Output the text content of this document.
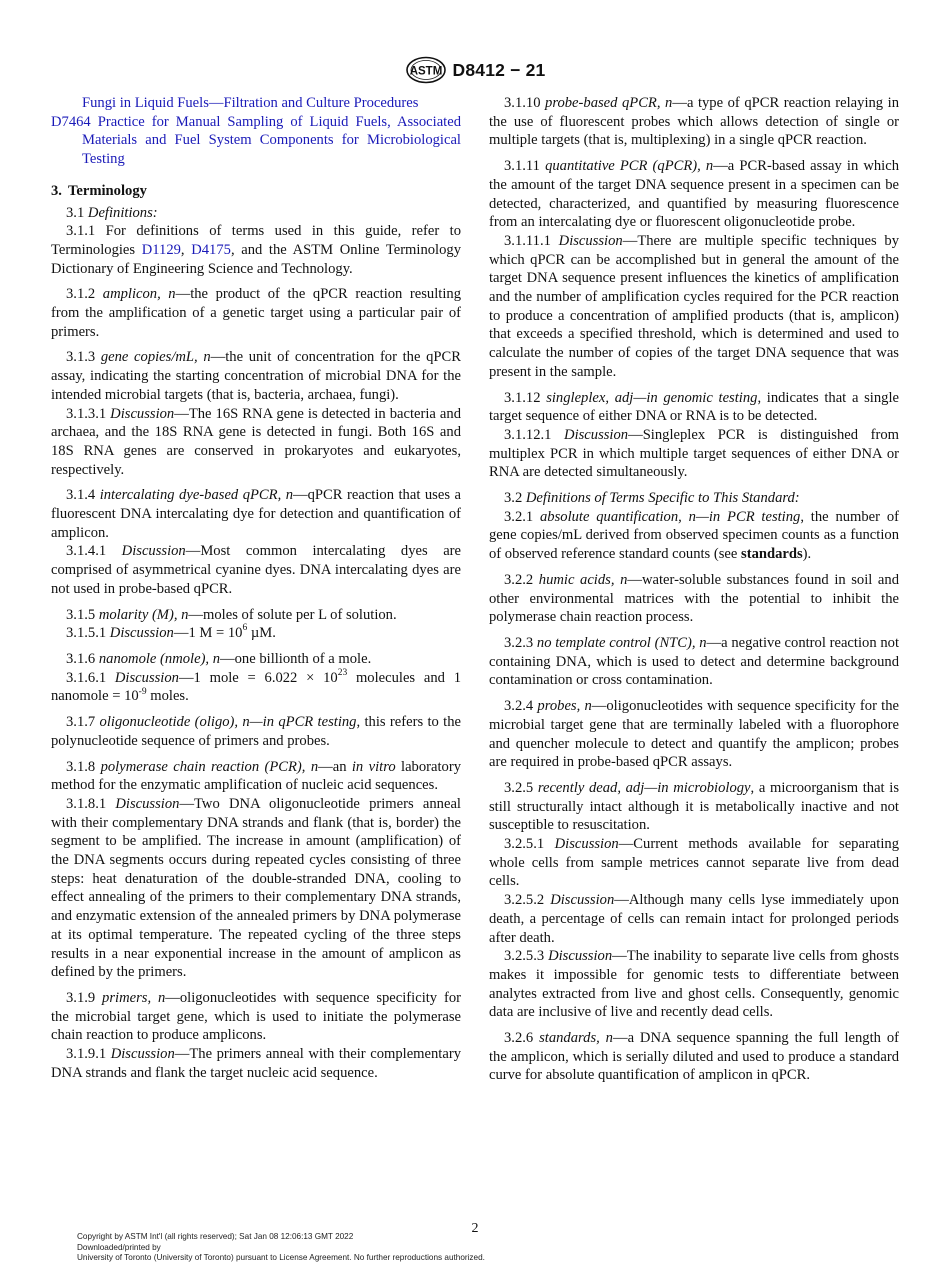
ASTM D8412 − 21

Fungi in Liquid Fuels—Filtration and Culture Procedures

D7464 Practice for Manual Sampling of Liquid Fuels, Associated Materials and Fuel System Components for Microbiological Testing

3. Terminology

3.1 Definitions:

3.1.1 For definitions of terms used in this guide, refer to Terminologies D1129, D4175, and the ASTM Online Terminology Dictionary of Engineering Science and Technology.

3.1.2 amplicon, n—the product of the qPCR reaction resulting from the amplification of a genetic target using a particular pair of primers.

3.1.3 gene copies/mL, n—the unit of concentration for the qPCR assay, indicating the starting concentration of microbial DNA for the intended microbial targets (that is, bacteria, archaea, fungi).

3.1.3.1 Discussion—The 16S RNA gene is detected in bacteria and archaea, and the 18S RNA gene is detected in fungi. Both 16S and 18S RNA genes are conserved in prokaryotes and eukaryotes, respectively.

3.1.4 intercalating dye-based qPCR, n—qPCR reaction that uses a fluorescent DNA intercalating dye for detection and quantification of amplicon.

3.1.4.1 Discussion—Most common intercalating dyes are comprised of asymmetrical cyanine dyes. DNA intercalating dyes are not used in probe-based qPCR.

3.1.5 molarity (M), n—moles of solute per L of solution.

3.1.5.1 Discussion—1 $M = 10^6$ µM.

3.1.6 nanomole (nmole), n—one billionth of a mole.

3.1.6.1 Discussion—1 mole = $6.022 \times 10^{23}$ molecules and 1 nanomole = $10^{-9}$ moles.

3.1.7 oligonucleotide (oligo), n—in qPCR testing, this refers to the polynucleotide sequence of primers and probes.

3.1.8 polymerase chain reaction (PCR), n—an in vitro laboratory method for the enzymatic amplification of nucleic acid sequences.

3.1.8.1 Discussion—Two DNA oligonucleotide primers anneal with their complementary DNA strands and flank (that is, border) the segment to be amplified. The increase in amount (amplification) of the DNA segments occurs during repeated cycles consisting of three steps: heat denaturation of the double-stranded DNA, cooling to effect annealing of the primers to their complementary DNA strands, and enzymatic extension of the annealed primers by DNA polymerase at its optimal temperature. The repeated cycling of the three steps results in a near exponential increase in the amount of amplicon as defined by the primers.

3.1.9 primers, n—oligonucleotides with sequence specificity for the microbial target gene, which is used to initiate the polymerase chain reaction to produce amplicons.

3.1.9.1 Discussion—The primers anneal with their complementary DNA strands and flank the target nucleic acid sequence.

3.1.10 probe-based qPCR, n—a type of qPCR reaction relaying in the use of fluorescent probes which allows detection of single or multiple targets (that is, multiplexing) in a single qPCR reaction.

3.1.11 quantitative PCR (qPCR), n—a PCR-based assay in which the amount of the target DNA sequence present in a specimen can be detected, characterized, and quantified by measuring fluorescence from an intercalating dye or fluorescent oligonucleotide probe.

3.1.11.1 Discussion—There are multiple specific techniques by which qPCR can be accomplished but in general the amount of the target DNA sequence present influences the kinetics of amplification and the number of amplification cycles required for the PCR reaction to produce a concentration of amplified products (that is, amplicon) that exceeds a specified threshold, which is determined and used to calculate the number of copies of the target DNA sequence that was present in the sample.

3.1.12 singleplex, adj—in genomic testing, indicates that a single target sequence of either DNA or RNA is to be detected.

3.1.12.1 Discussion—Singleplex PCR is distinguished from multiplex PCR in which multiple target sequences of either DNA or RNA are detected simultaneously.

3.2 Definitions of Terms Specific to This Standard:

3.2.1 absolute quantification, n—in PCR testing, the number of gene copies/mL derived from observed specimen counts as a function of observed reference standard counts (see standards).

3.2.2 humic acids, n—water-soluble substances found in soil and other environmental matrices with the potential to inhibit the polymerase chain reaction process.

3.2.3 no template control (NTC), n—a negative control reaction not containing DNA, which is used to detect and determine background contamination or cross contamination.

3.2.4 probes, n—oligonucleotides with sequence specificity for the microbial target gene that are terminally labeled with a fluorophore and quencher molecule to detect and quantify the amplicon; probes are required in probe-based qPCR assays.

3.2.5 recently dead, adj—in microbiology, a microorganism that is still structurally intact although it is metabolically inactive and not susceptible to resuscitation.

3.2.5.1 Discussion—Current methods available for separating whole cells from sample metrices cannot separate live from dead cells.

3.2.5.2 Discussion—Although many cells lyse immediately upon death, a percentage of cells can remain intact for prolonged periods after death.

3.2.5.3 Discussion—The inability to separate live cells from ghosts makes it impossible for genomic tests to differentiate between analytes extracted from live and ghost cells. Consequently, genomic data are inclusive of live and recently dead cells.

3.2.6 standards, n—a DNA sequence spanning the full length of the amplicon, which is serially diluted and used to produce a standard curve for absolute quantification of amplicon in qPCR.

2
Copyright by ASTM Int'l (all rights reserved); Sat Jan 08 12:06:13 GMT 2022
Downloaded/printed by
University of Toronto (University of Toronto) pursuant to License Agreement. No further reproductions authorized.
